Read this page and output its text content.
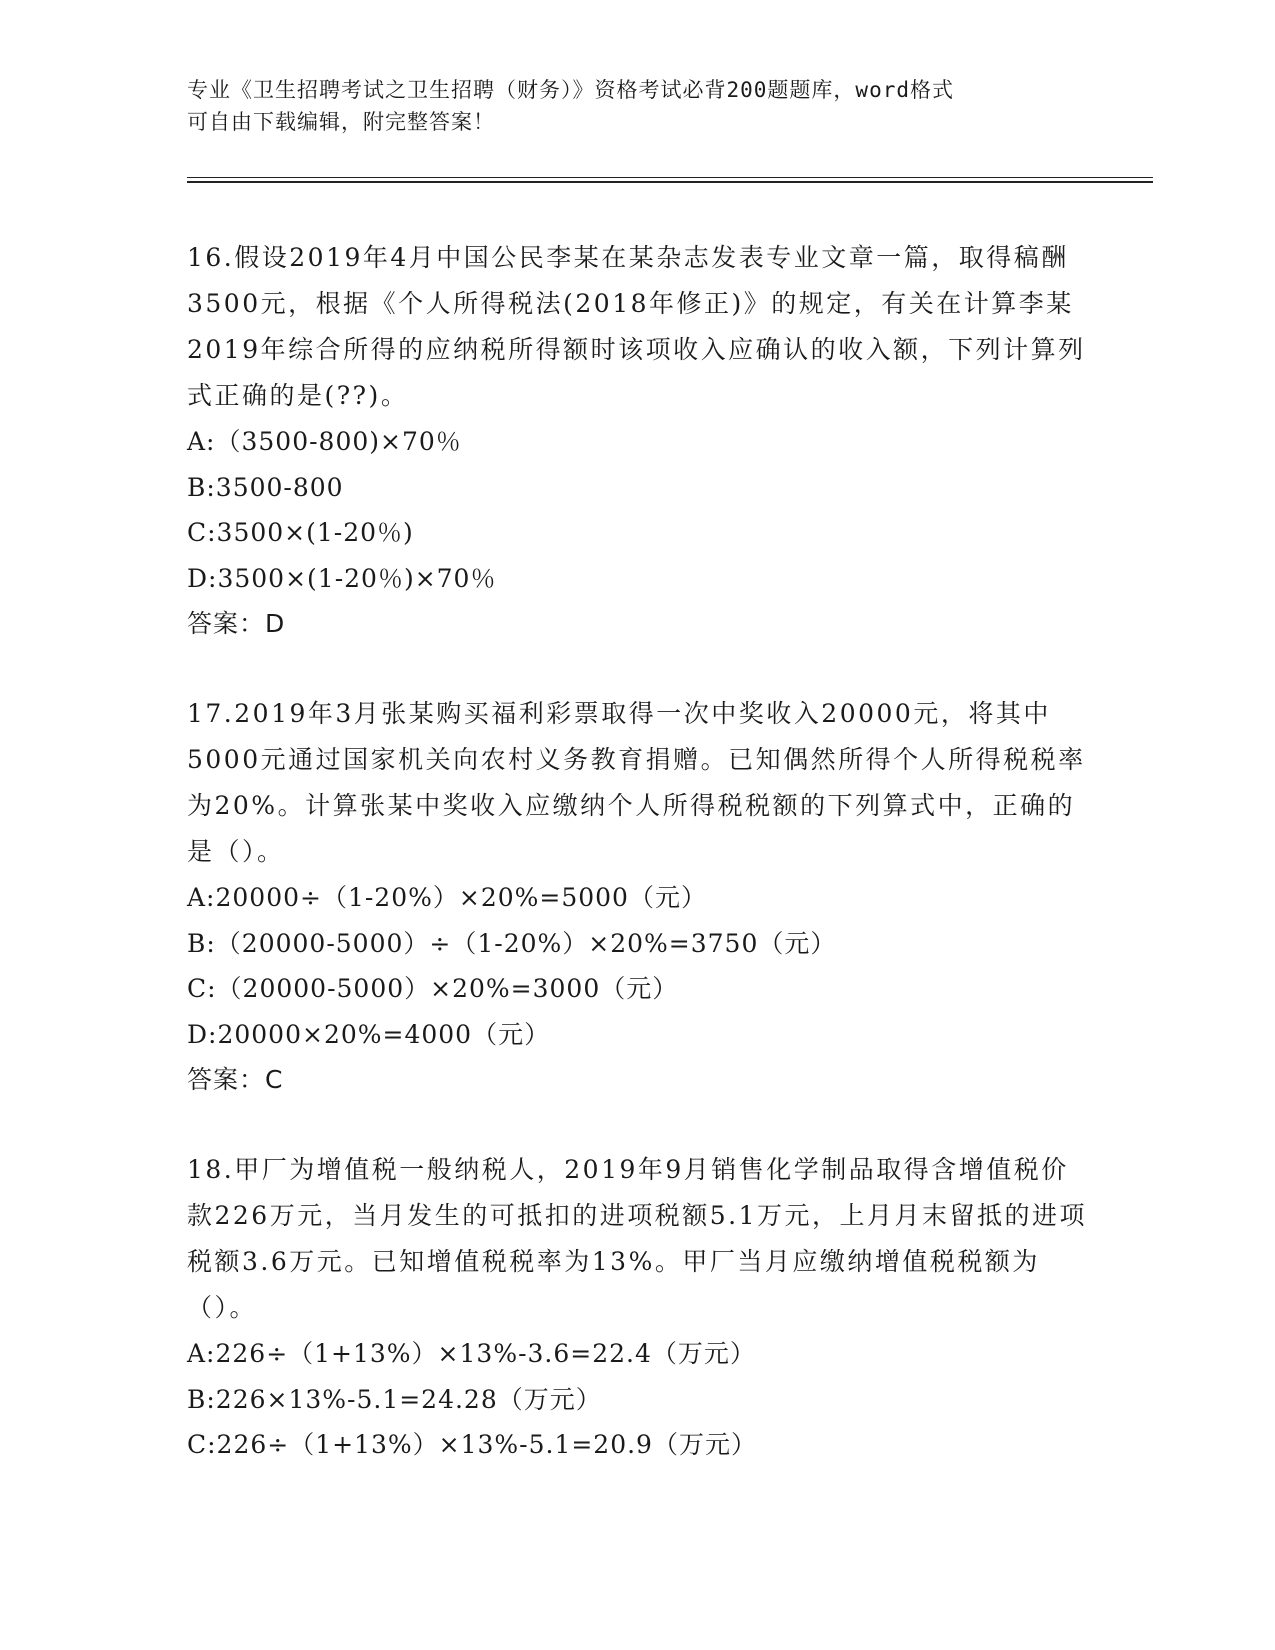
专业《卫生招聘考试之卫生招聘（财务）》资格考试必背200题题库，word格式
可自由下载编辑，附完整答案！

16.假设2019年4月中国公民李某在某杂志发表专业文章一篇，取得稿酬3500元，根据《个人所得税法(2018年修正)》的规定，有关在计算李某2019年综合所得的应纳税所得额时该项收入应确认的收入额，下列计算列式正确的是(??)。

A:（3500-800)×70％

B:3500-800

C:3500×(1-20％)

D:3500×(1-20％)×70％

答案：D

17.2019年3月张某购买福利彩票取得一次中奖收入20000元，将其中5000元通过国家机关向农村义务教育捐赠。已知偶然所得个人所得税税率为20%。计算张某中奖收入应缴纳个人所得税税额的下列算式中，正确的是（）。

A:20000÷（1-20%）×20%=5000（元）

B:（20000-5000）÷（1-20%）×20%=3750（元）

C:（20000-5000）×20%=3000（元）

D:20000×20%=4000（元）

答案：C

18.甲厂为增值税一般纳税人，2019年9月销售化学制品取得含增值税价款226万元，当月发生的可抵扣的进项税额5.1万元，上月月末留抵的进项税额3.6万元。已知增值税税率为13%。甲厂当月应缴纳增值税税额为（）。

A:226÷（1+13%）×13%-3.6=22.4（万元）

B:226×13%-5.1=24.28（万元）

C:226÷（1+13%）×13%-5.1=20.9（万元）
